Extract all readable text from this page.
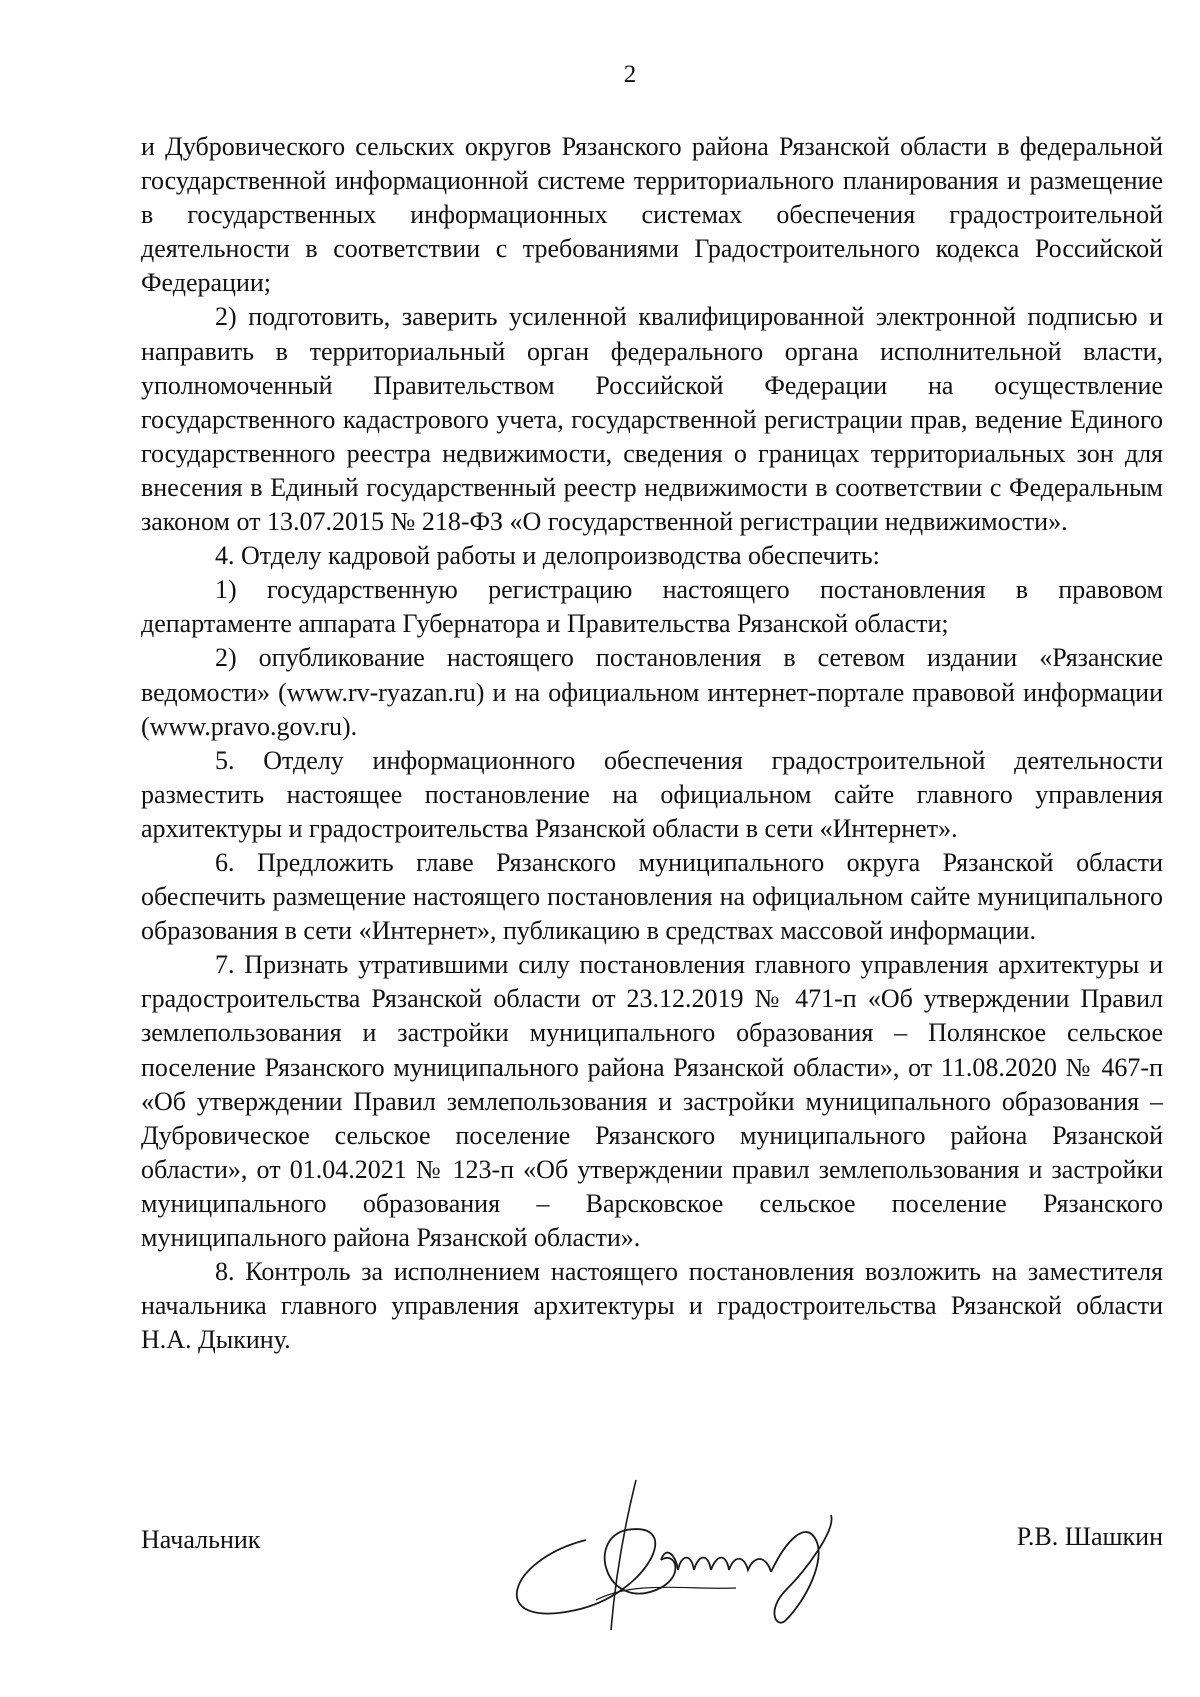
2

и Дубровического сельских округов Рязанского района Рязанской области в федеральной государственной информационной системе территориального планирования и размещение в государственных информационных системах обеспечения градостроительной деятельности в соответствии с требованиями Градостроительного кодекса Российской Федерации;

2) подготовить, заверить усиленной квалифицированной электронной подписью и направить в территориальный орган федерального органа исполнительной власти, уполномоченный Правительством Российской Федерации на осуществление государственного кадастрового учета, государственной регистрации прав, ведение Единого государственного реестра недвижимости, сведения о границах территориальных зон для внесения в Единый государственный реестр недвижимости в соответствии с Федеральным законом от 13.07.2015 № 218-ФЗ «О государственной регистрации недвижимости».

4. Отделу кадровой работы и делопроизводства обеспечить:

1) государственную регистрацию настоящего постановления в правовом департаменте аппарата Губернатора и Правительства Рязанской области;

2) опубликование настоящего постановления в сетевом издании «Рязанские ведомости» (www.rv-ryazan.ru) и на официальном интернет-портале правовой информации (www.pravo.gov.ru).

5. Отделу информационного обеспечения градостроительной деятельности разместить настоящее постановление на официальном сайте главного управления архитектуры и градостроительства Рязанской области в сети «Интернет».

6. Предложить главе Рязанского муниципального округа Рязанской области обеспечить размещение настоящего постановления на официальном сайте муниципального образования в сети «Интернет», публикацию в средствах массовой информации.

7. Признать утратившими силу постановления главного управления архитектуры и градостроительства Рязанской области от 23.12.2019 № 471-п «Об утверждении Правил землепользования и застройки муниципального образования – Полянское сельское поселение Рязанского муниципального района Рязанской области», от 11.08.2020 № 467-п «Об утверждении Правил землепользования и застройки муниципального образования – Дубровическое сельское поселение Рязанского муниципального района Рязанской области», от 01.04.2021 № 123-п «Об утверждении правил землепользования и застройки муниципального образования – Варсковское сельское поселение Рязанского муниципального района Рязанской области».

8. Контроль за исполнением настоящего постановления возложить на заместителя начальника главного управления архитектуры и градостроительства Рязанской области Н.А. Дыкину.

Начальник	Р.В. Шашкин
